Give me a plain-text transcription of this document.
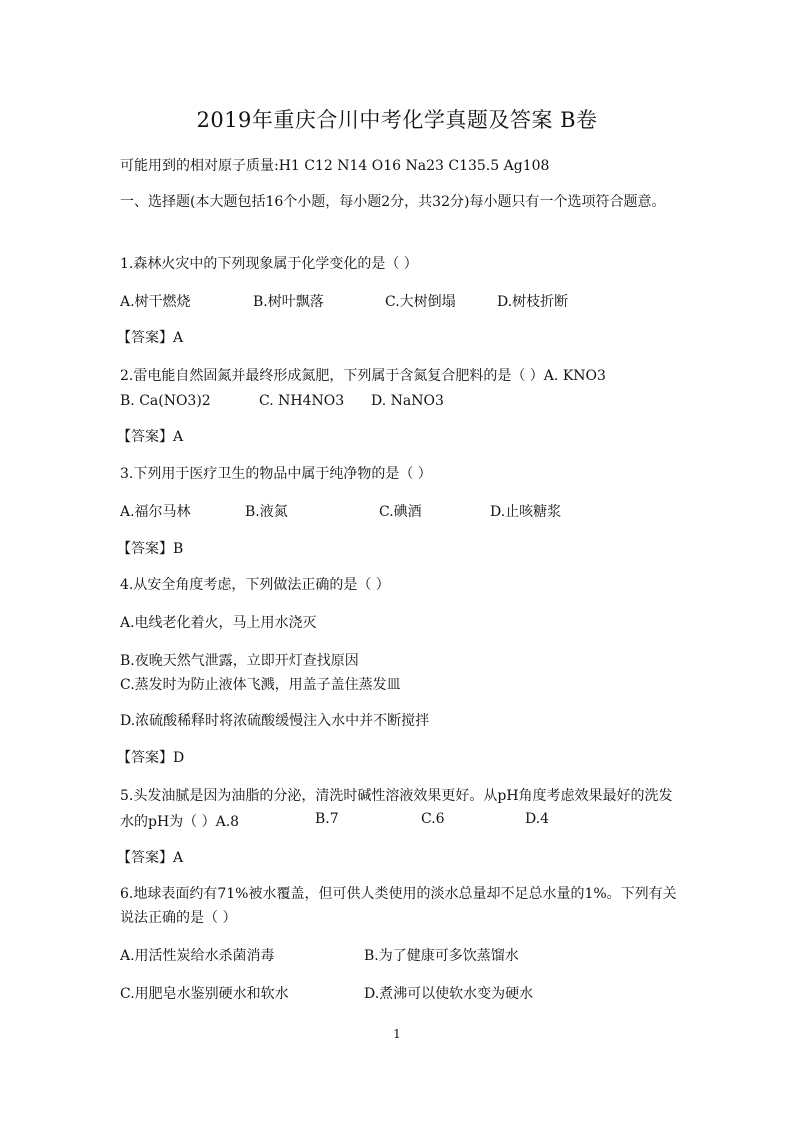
2019年重庆合川中考化学真题及答案 B卷
可能用到的相对原子质量:H1 C12 N14 O16 Na23 C135.5 Ag108
一、选择题(本大题包括16个小题，每小题2分，共32分)每小题只有一个选项符合题意。
1.森林火灾中的下列现象属于化学变化的是（ ）
A.树干燃烧	B.树叶飘落	C.大树倒塌	D.树枝折断
【答案】A
2.雷电能自然固氮并最终形成氮肥，下列属于含氮复合肥料的是（ ）A. KNO3
B. Ca(NO3)2	C. NH4NO3 D. NaNO3
【答案】A
3.下列用于医疗卫生的物品中属于纯净物的是（ ）
A.福尔马林	B.液氮	C.碘酒	D.止咳糖浆
【答案】B
4.从安全角度考虑，下列做法正确的是（ ）
A.电线老化着火，马上用水浇灭
B.夜晚天然气泄露，立即开灯查找原因
C.蒸发时为防止液体飞溅，用盖子盖住蒸发皿
D.浓硫酸稀释时将浓硫酸缓慢注入水中并不断搅拌
【答案】D
5.头发油腻是因为油脂的分泌，清洗时碱性溶液效果更好。从pH角度考虑效果最好的洗发
水的pH为（ ）A.8	B.7	C.6	D.4
【答案】A
6.地球表面约有71%被水覆盖，但可供人类使用的淡水总量却不足总水量的1%。下列有关
说法正确的是（ ）
A.用活性炭给水杀菌消毒	B.为了健康可多饮蒸馏水
C.用肥皂水鉴别硬水和软水	D.煮沸可以使软水变为硬水
1
